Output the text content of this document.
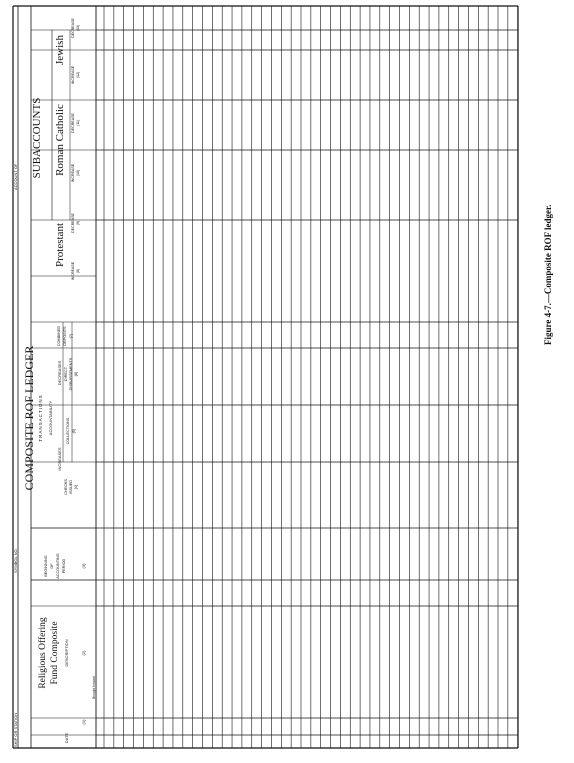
SHIP OR STATION
SYMBOL NO.
ACCOUNT OF
COMPOSITE ROF LEDGER
Religious Offering Fund Composite
DATE
(1)
DESCRIPTION	(2)
BEGINNING OF ACCOUNTING PERIOD	(3)
TRANSACTIONS ACCOUNTABILITY
INCREASES
DECREASES
CHECKS ISSUED (4)
COLLECTIONS (5)
DIRECT DISBURSEMENTS (6)
COMBINED DEPOSITS (7)
SUBACCOUNTS
Protestant
Roman Catholic
Jewish
INCREASE (8)
DECREASE (9)
INCREASE (10)
DECREASE (11)
INCREASE (12)
DECREASE (13)
Brought forward
Figure 4-7.—Composite ROF ledger.
